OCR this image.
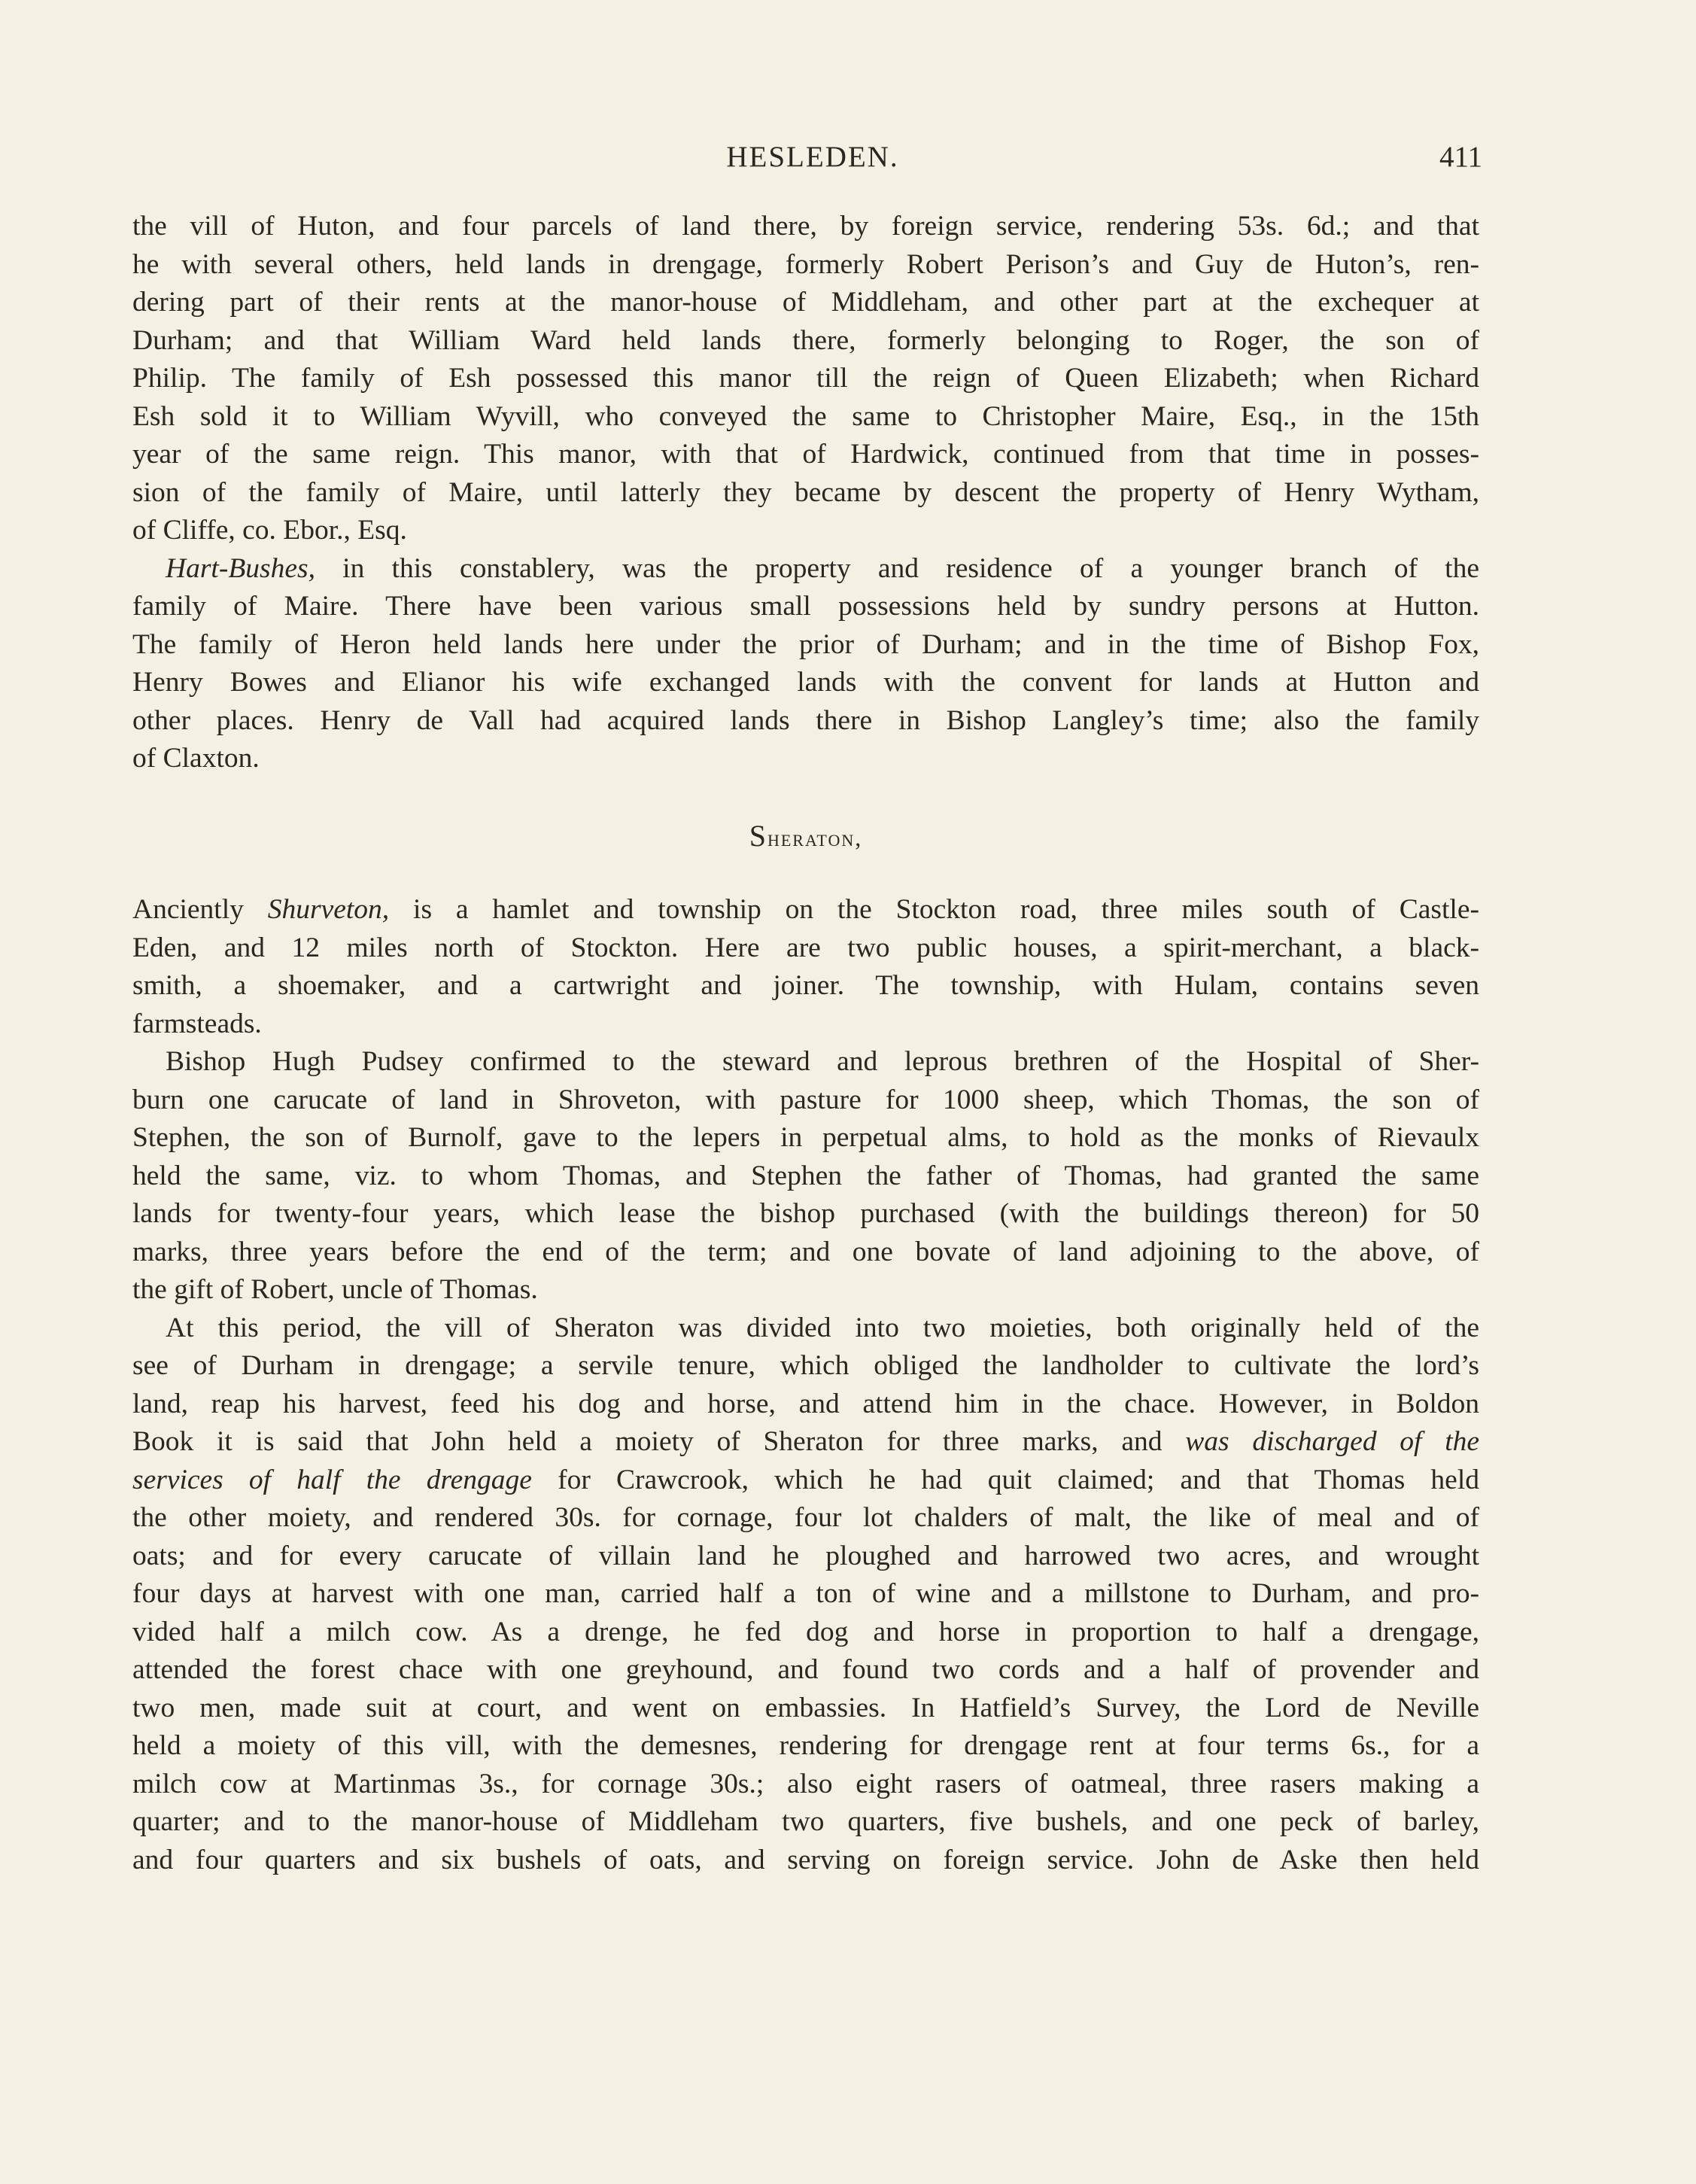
HESLEDEN.	411
the vill of Huton, and four parcels of land there, by foreign service, rendering 53s. 6d.; and that
he with several others, held lands in drengage, formerly Robert Perison’s and Guy de Huton’s, ren-
dering part of their rents at the manor-house of Middleham, and other part at the exchequer at
Durham; and that William Ward held lands there, formerly belonging to Roger, the son of
Philip. The family of Esh possessed this manor till the reign of Queen Elizabeth; when Richard
Esh sold it to William Wyvill, who conveyed the same to Christopher Maire, Esq., in the 15th
year of the same reign. This manor, with that of Hardwick, continued from that time in posses-
sion of the family of Maire, until latterly they became by descent the property of Henry Wytham,
of Cliffe, co. Ebor., Esq.
Hart-Bushes, in this constablery, was the property and residence of a younger branch of the
family of Maire. There have been various small possessions held by sundry persons at Hutton.
The family of Heron held lands here under the prior of Durham; and in the time of Bishop Fox,
Henry Bowes and Elianor his wife exchanged lands with the convent for lands at Hutton and
other places. Henry de Vall had acquired lands there in Bishop Langley’s time; also the family
of Claxton.
Sheraton,
Anciently Shurveton, is a hamlet and township on the Stockton road, three miles south of Castle-
Eden, and 12 miles north of Stockton. Here are two public houses, a spirit-merchant, a black-
smith, a shoemaker, and a cartwright and joiner. The township, with Hulam, contains seven
farmsteads.
Bishop Hugh Pudsey confirmed to the steward and leprous brethren of the Hospital of Sher-
burn one carucate of land in Shroveton, with pasture for 1000 sheep, which Thomas, the son of
Stephen, the son of Burnolf, gave to the lepers in perpetual alms, to hold as the monks of Rievaulx
held the same, viz. to whom Thomas, and Stephen the father of Thomas, had granted the same
lands for twenty-four years, which lease the bishop purchased (with the buildings thereon) for 50
marks, three years before the end of the term; and one bovate of land adjoining to the above, of
the gift of Robert, uncle of Thomas.
At this period, the vill of Sheraton was divided into two moieties, both originally held of the
see of Durham in drengage; a servile tenure, which obliged the landholder to cultivate the lord’s
land, reap his harvest, feed his dog and horse, and attend him in the chace. However, in Boldon
Book it is said that John held a moiety of Sheraton for three marks, and was discharged of the
services of half the drengage for Crawcrook, which he had quit claimed; and that Thomas held
the other moiety, and rendered 30s. for cornage, four lot chalders of malt, the like of meal and of
oats; and for every carucate of villain land he ploughed and harrowed two acres, and wrought
four days at harvest with one man, carried half a ton of wine and a millstone to Durham, and pro-
vided half a milch cow. As a drenge, he fed dog and horse in proportion to half a drengage,
attended the forest chace with one greyhound, and found two cords and a half of provender and
two men, made suit at court, and went on embassies. In Hatfield’s Survey, the Lord de Neville
held a moiety of this vill, with the demesnes, rendering for drengage rent at four terms 6s., for a
milch cow at Martinmas 3s., for cornage 30s.; also eight rasers of oatmeal, three rasers making a
quarter; and to the manor-house of Middleham two quarters, five bushels, and one peck of barley,
and four quarters and six bushels of oats, and serving on foreign service. John de Aske then held
